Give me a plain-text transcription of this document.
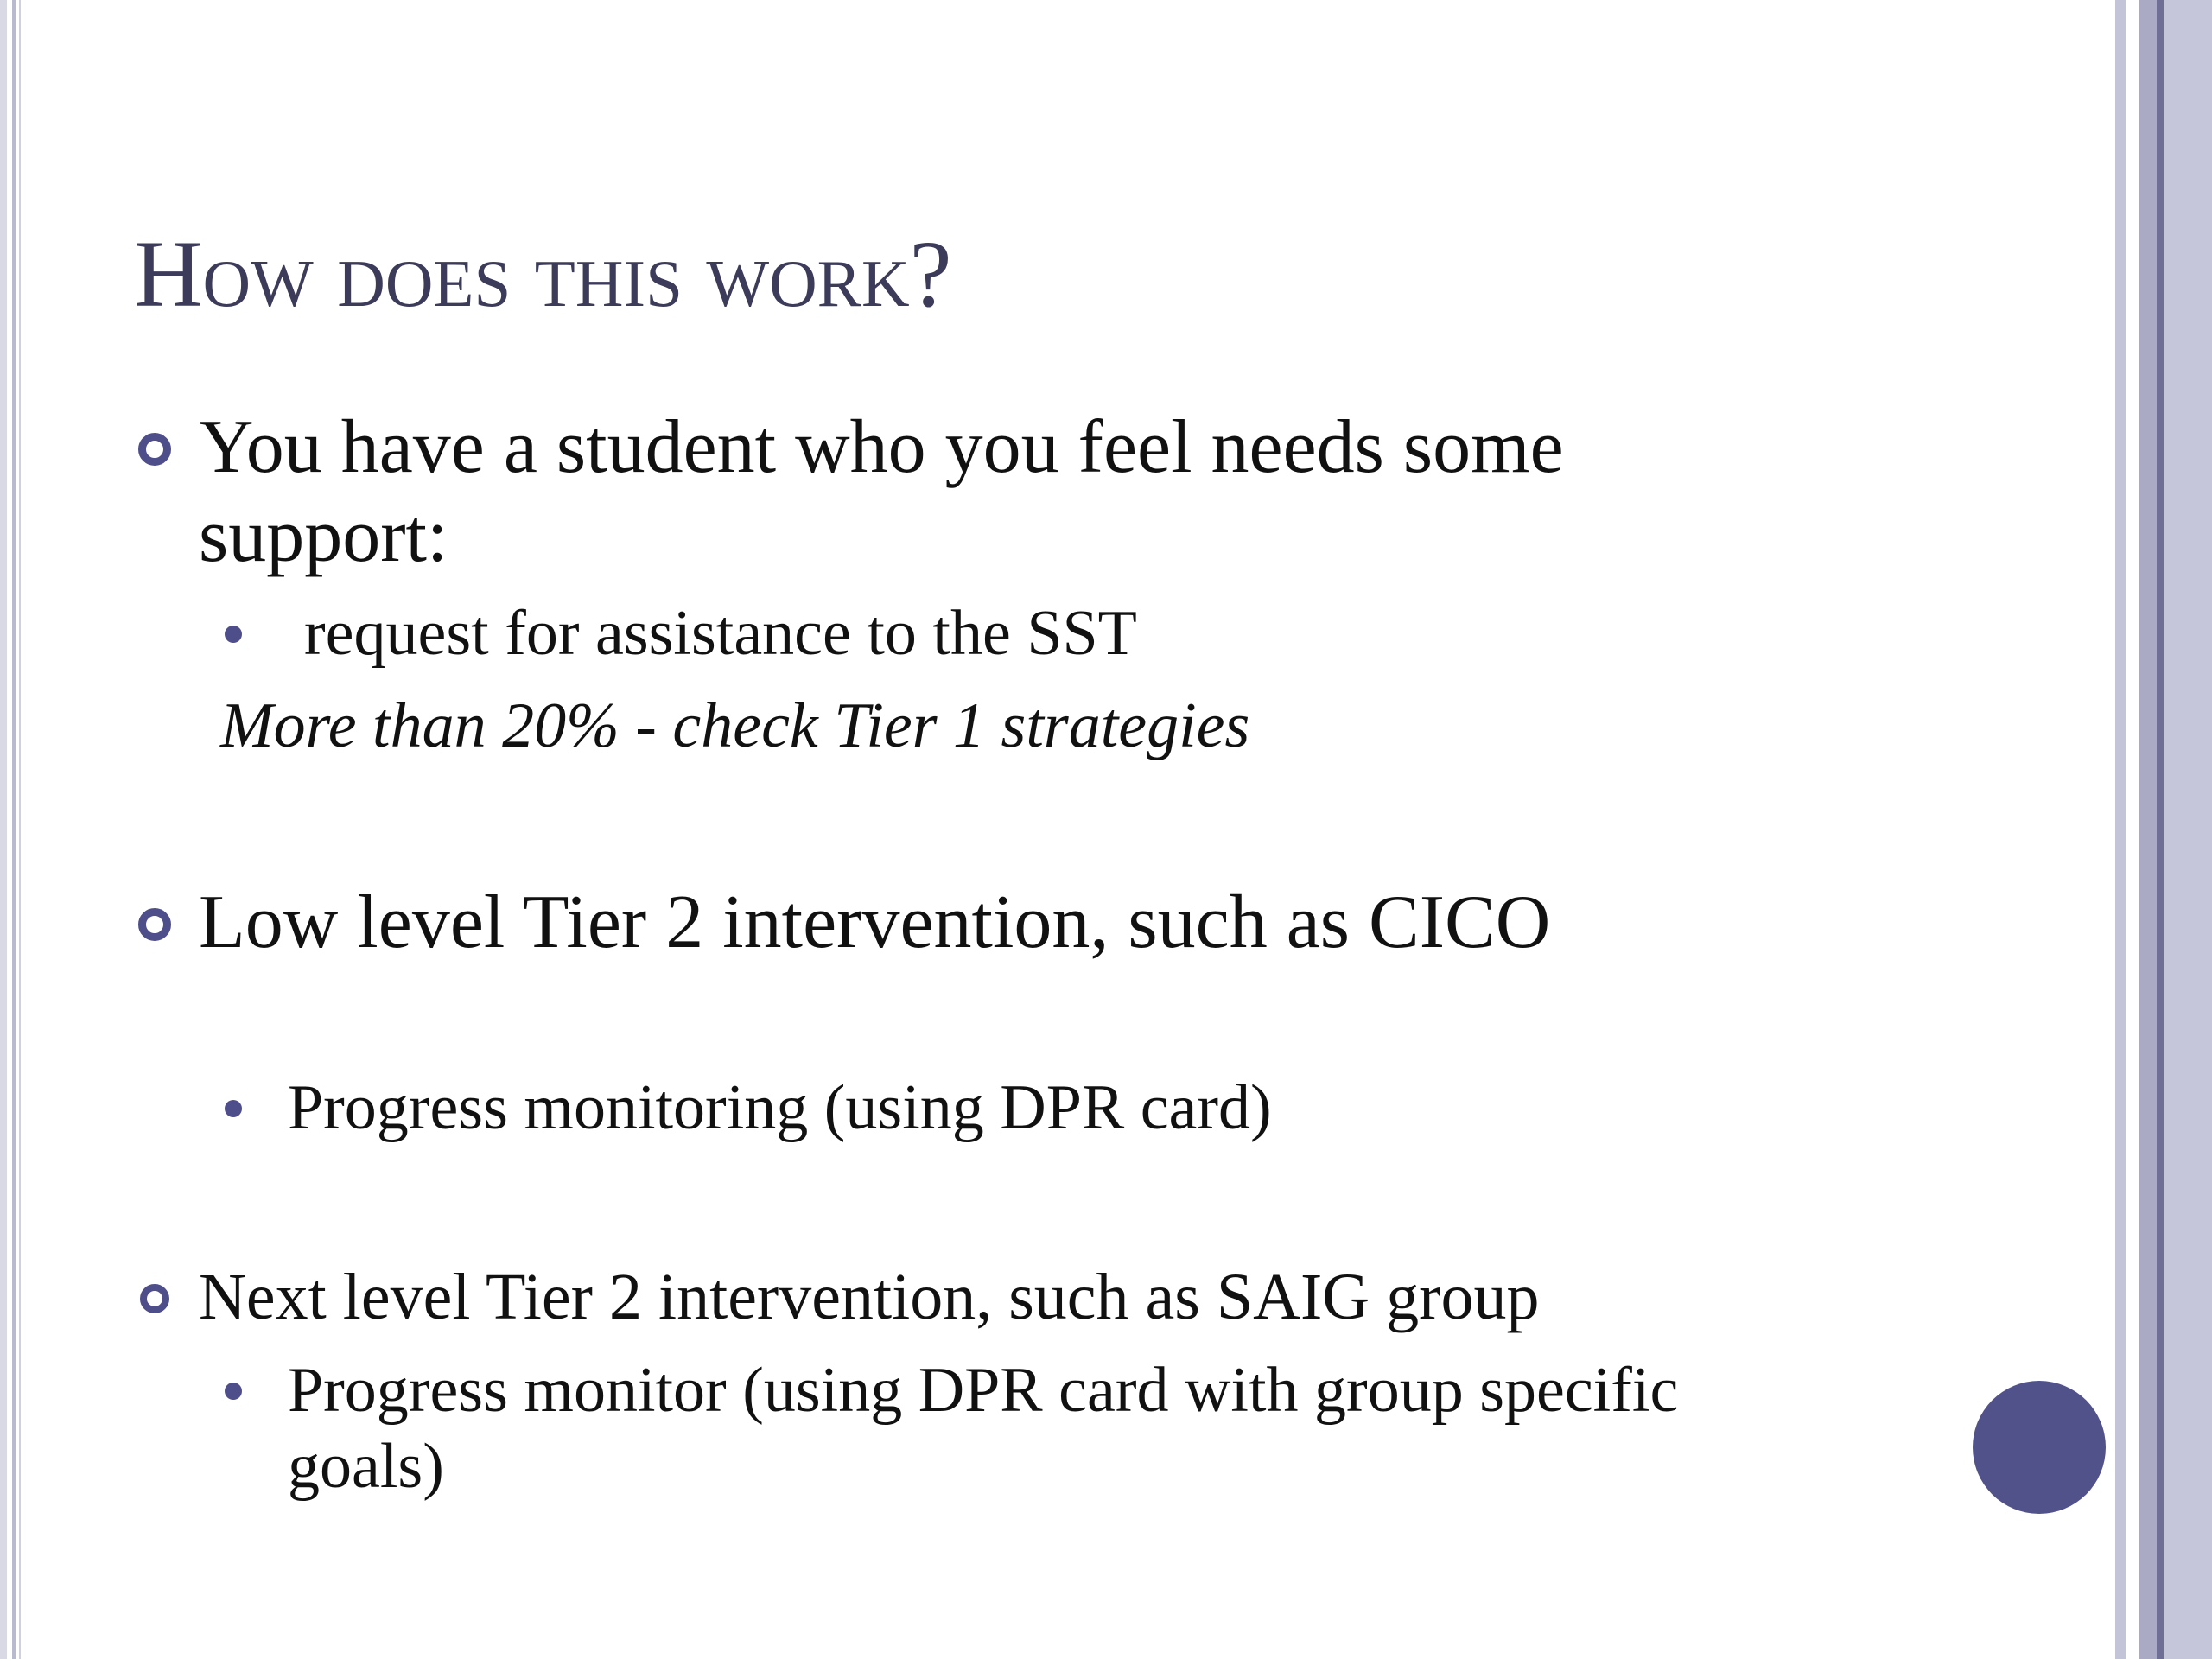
How does this work?
You have a student who you feel needs some
support:
request for assistance to the SST
More than 20% - check Tier 1 strategies
Low level Tier 2 intervention, such as CICO
Progress monitoring (using DPR card)
Next level Tier 2 intervention, such as SAIG group
Progress monitor (using DPR card with group specific
goals)
